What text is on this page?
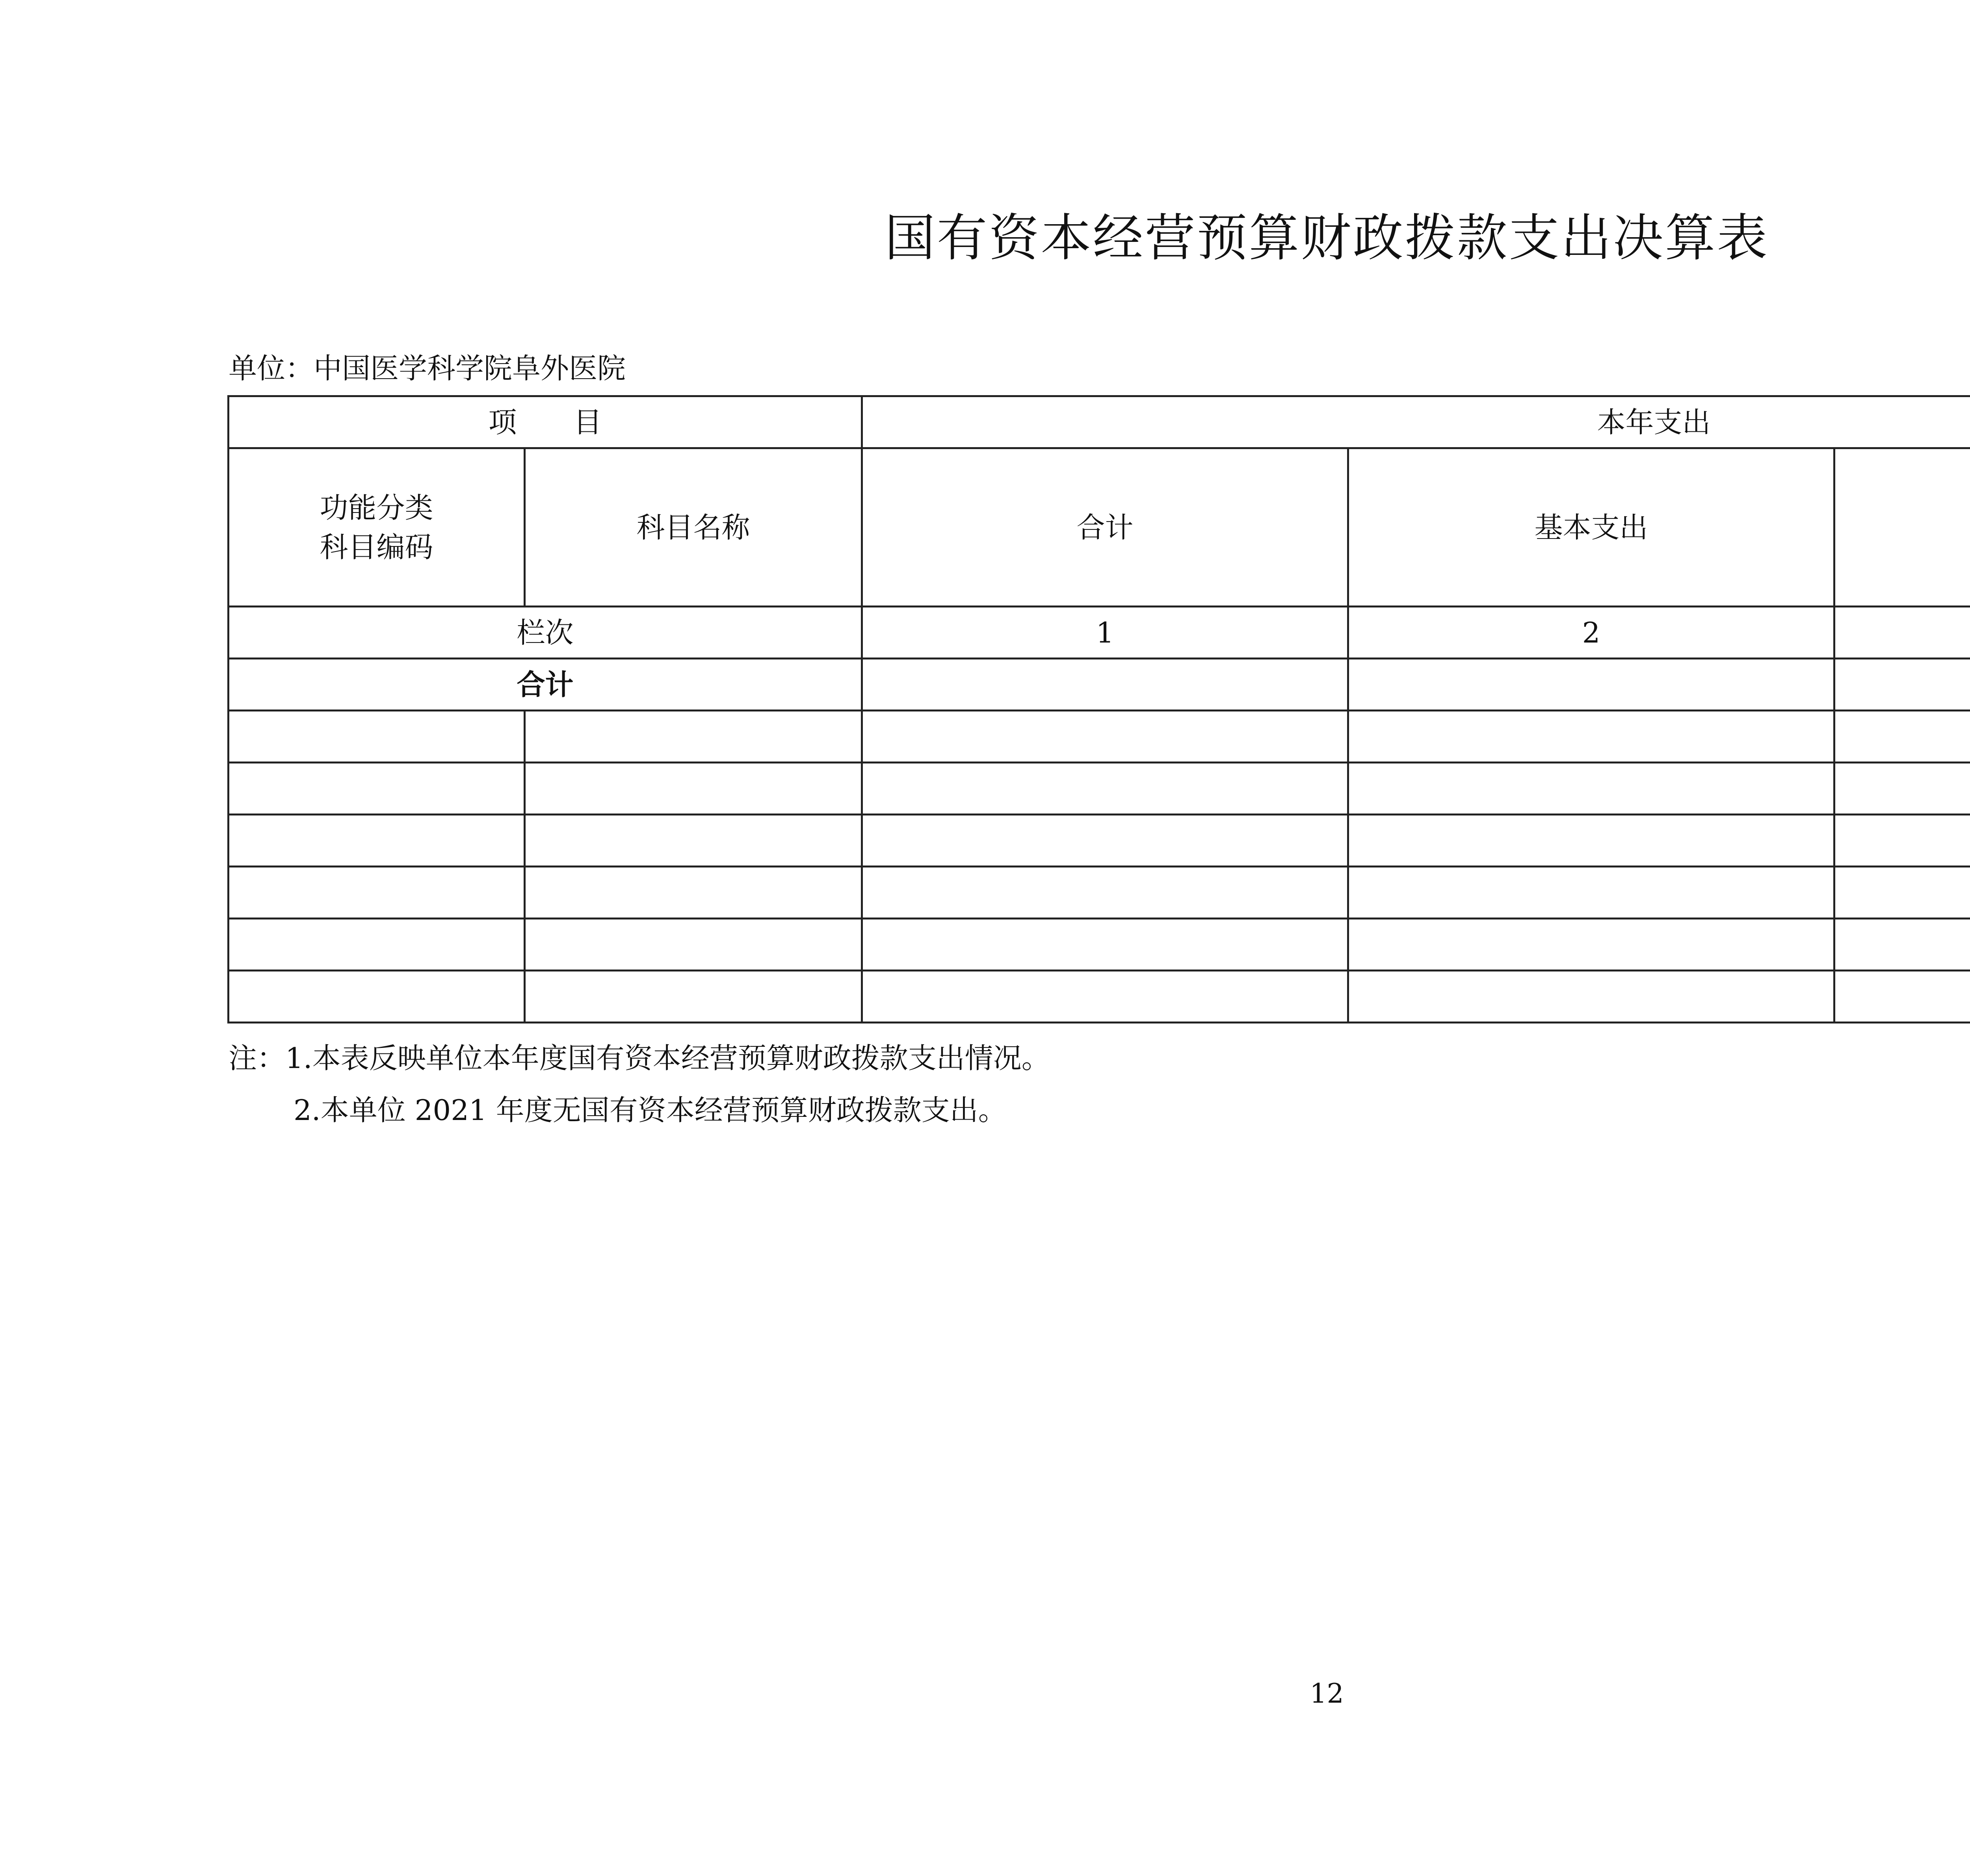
国有资本经营预算财政拨款支出决算表
单位：中国医学科学院阜外医院
项　　目		本年支出		

功能分类
科目编码	科目名称	合计	基本支出	
栏次		1	2	
合计				

注：1.本表反映单位本年度国有资本经营预算财政拨款支出情况。
2.本单位 2021 年度无国有资本经营预算财政拨款支出。
12
